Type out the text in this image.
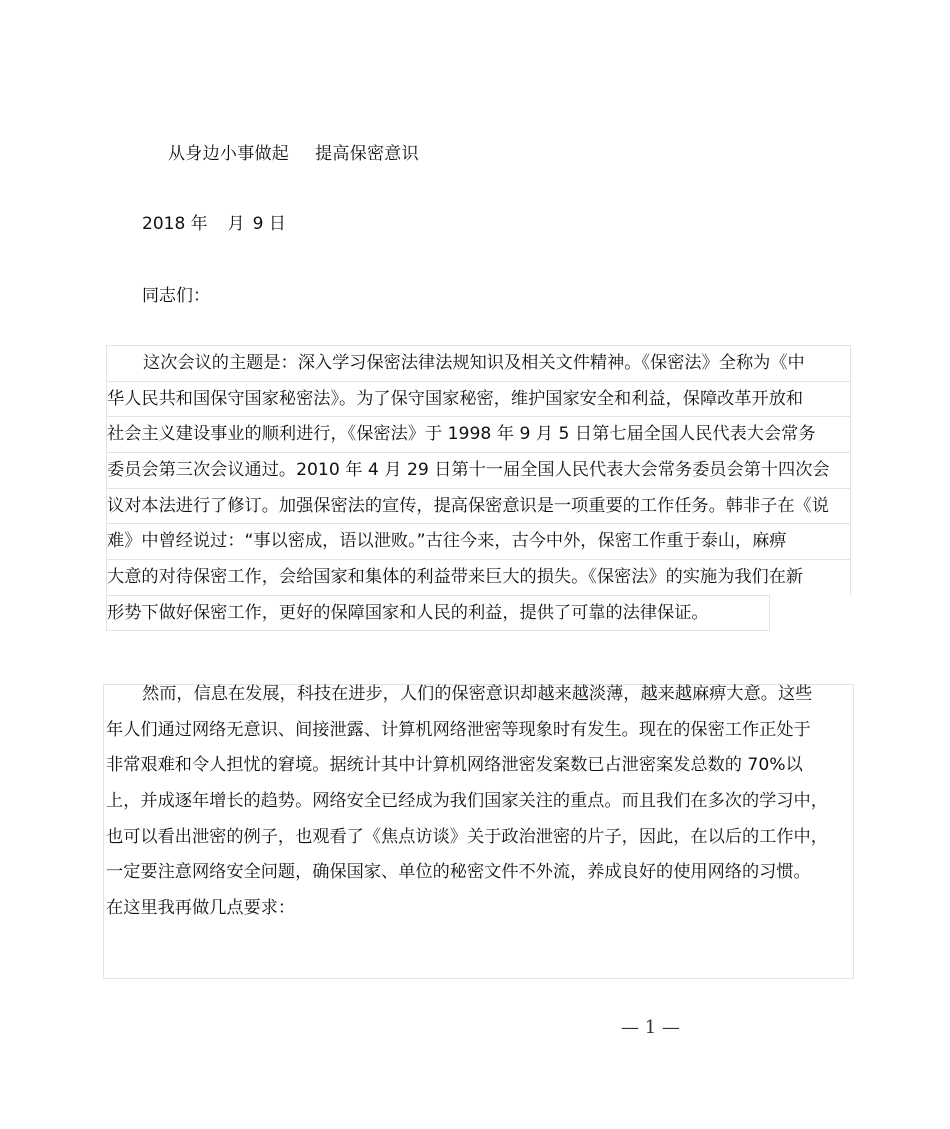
从身边小事做起 提高保密意识
2018 年 月 9 日
同志们：
这次会议的主题是：深入学习保密法律法规知识及相关文件精神。《保密法》全称为《中
华人民共和国保守国家秘密法》。为了保守国家秘密，维护国家安全和利益，保障改革开放和
社会主义建设事业的顺利进行，《保密法》于 1998 年 9 月 5 日第七届全国人民代表大会常务
委员会第三次会议通过。2010 年 4 月 29 日第十一届全国人民代表大会常务委员会第十四次会
议对本法进行了修订。加强保密法的宣传，提高保密意识是一项重要的工作任务。韩非子在《说
难》中曾经说过：“事以密成，语以泄败。”古往今来，古今中外，保密工作重于泰山，麻痹
大意的对待保密工作，会给国家和集体的利益带来巨大的损失。《保密法》的实施为我们在新
形势下做好保密工作，更好的保障国家和人民的利益，提供了可靠的法律保证。
然而，信息在发展，科技在进步，人们的保密意识却越来越淡薄，越来越麻痹大意。这些
年人们通过网络无意识、间接泄露、计算机网络泄密等现象时有发生。现在的保密工作正处于
非常艰难和令人担忧的窘境。据统计其中计算机网络泄密发案数已占泄密案发总数的 70%以
上，并成逐年增长的趋势。网络安全已经成为我们国家关注的重点。而且我们在多次的学习中，
也可以看出泄密的例子，也观看了《焦点访谈》关于政治泄密的片子，因此，在以后的工作中，
一定要注意网络安全问题，确保国家、单位的秘密文件不外流，养成良好的使用网络的习惯。
在这里我再做几点要求：
— 1 —
